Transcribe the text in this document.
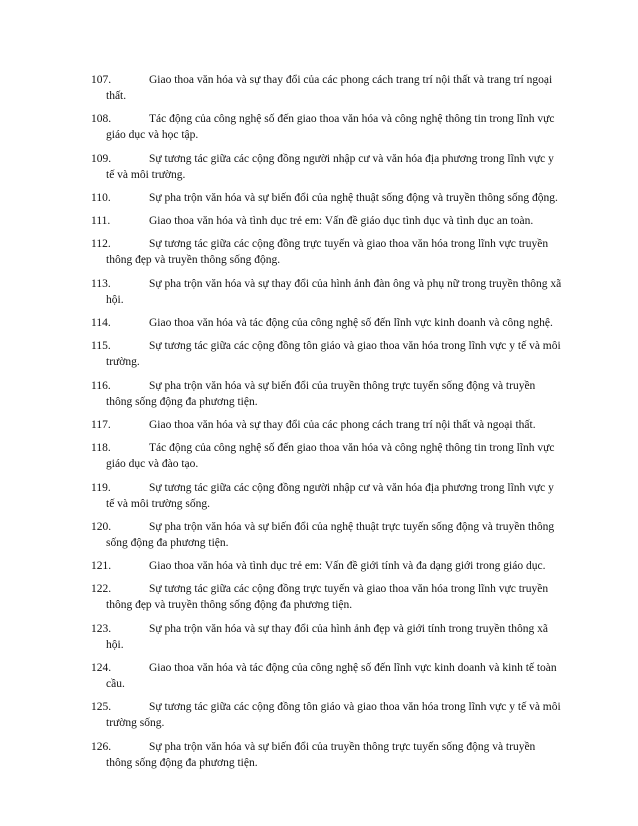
107.	Giao thoa văn hóa và sự thay đổi của các phong cách trang trí nội thất và trang trí ngoại
thất.
108.	Tác động của công nghệ số đến giao thoa văn hóa và công nghệ thông tin trong lĩnh vực
giáo dục và học tập.
109.	Sự tương tác giữa các cộng đồng người nhập cư và văn hóa địa phương trong lĩnh vực y
tế và môi trường.
110.	Sự pha trộn văn hóa và sự biến đổi của nghệ thuật sống động và truyền thông sống động.
111.	Giao thoa văn hóa và tình dục trẻ em: Vấn đề giáo dục tình dục và tình dục an toàn.
112.	Sự tương tác giữa các cộng đồng trực tuyến và giao thoa văn hóa trong lĩnh vực truyền
thông đẹp và truyền thông sống động.
113.	Sự pha trộn văn hóa và sự thay đổi của hình ảnh đàn ông và phụ nữ trong truyền thông xã
hội.
114.	Giao thoa văn hóa và tác động của công nghệ số đến lĩnh vực kinh doanh và công nghệ.
115.	Sự tương tác giữa các cộng đồng tôn giáo và giao thoa văn hóa trong lĩnh vực y tế và môi
trường.
116.	Sự pha trộn văn hóa và sự biến đổi của truyền thông trực tuyến sống động và truyền
thông sống động đa phương tiện.
117.	Giao thoa văn hóa và sự thay đổi của các phong cách trang trí nội thất và ngoại thất.
118.	Tác động của công nghệ số đến giao thoa văn hóa và công nghệ thông tin trong lĩnh vực
giáo dục và đào tạo.
119.	Sự tương tác giữa các cộng đồng người nhập cư và văn hóa địa phương trong lĩnh vực y
tế và môi trường sống.
120.	Sự pha trộn văn hóa và sự biến đổi của nghệ thuật trực tuyến sống động và truyền thông
sống động đa phương tiện.
121.	Giao thoa văn hóa và tình dục trẻ em: Vấn đề giới tính và đa dạng giới trong giáo dục.
122.	Sự tương tác giữa các cộng đồng trực tuyến và giao thoa văn hóa trong lĩnh vực truyền
thông đẹp và truyền thông sống động đa phương tiện.
123.	Sự pha trộn văn hóa và sự thay đổi của hình ảnh đẹp và giới tính trong truyền thông xã
hội.
124.	Giao thoa văn hóa và tác động của công nghệ số đến lĩnh vực kinh doanh và kinh tế toàn
cầu.
125.	Sự tương tác giữa các cộng đồng tôn giáo và giao thoa văn hóa trong lĩnh vực y tế và môi
trường sống.
126.	Sự pha trộn văn hóa và sự biến đổi của truyền thông trực tuyến sống động và truyền
thông sống động đa phương tiện.
